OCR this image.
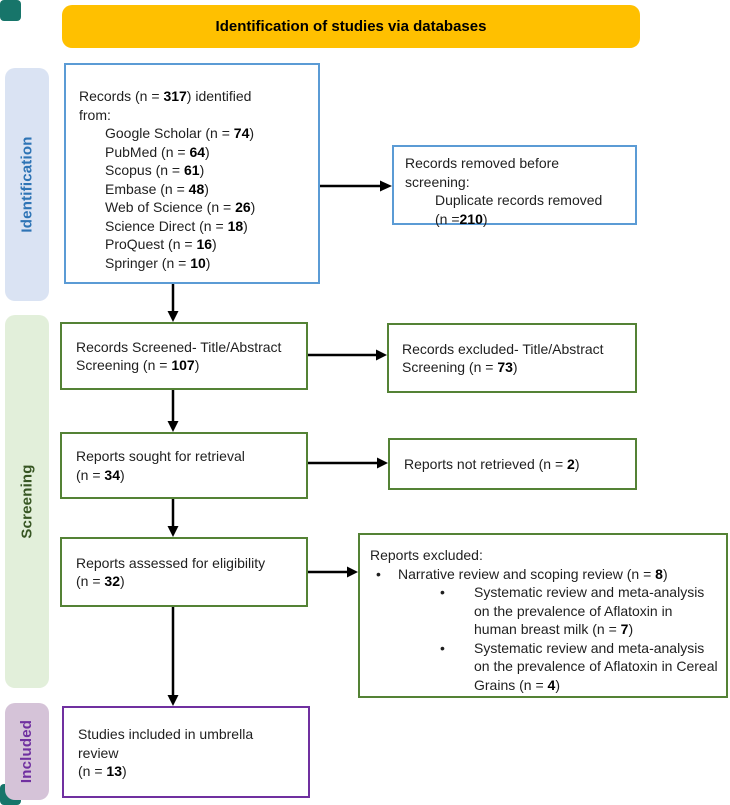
Identification of studies via databases
Identification
Screening
Included
Records (n = 317) identified
from:
Google Scholar (n = 74)
PubMed (n = 64)
Scopus (n = 61)
Embase (n = 48)
Web of Science (n = 26)
Science Direct (n = 18)
ProQuest (n = 16)
Springer (n = 10)
Records removed before
screening:
Duplicate records removed
(n =210)
Records Screened- Title/Abstract
Screening (n = 107)
Records excluded- Title/Abstract
Screening (n = 73)
Reports sought for retrieval
(n = 34)
Reports not retrieved (n = 2)
Reports assessed for eligibility
(n = 32)
Reports excluded:
•	Narrative review and scoping review (n = 8)
•	Systematic review and meta-analysis
on the prevalence of Aflatoxin in
human breast milk (n = 7)
•	Systematic review and meta-analysis
on the prevalence of Aflatoxin in Cereal
Grains (n = 4)
Studies included in umbrella
review
(n = 13)
